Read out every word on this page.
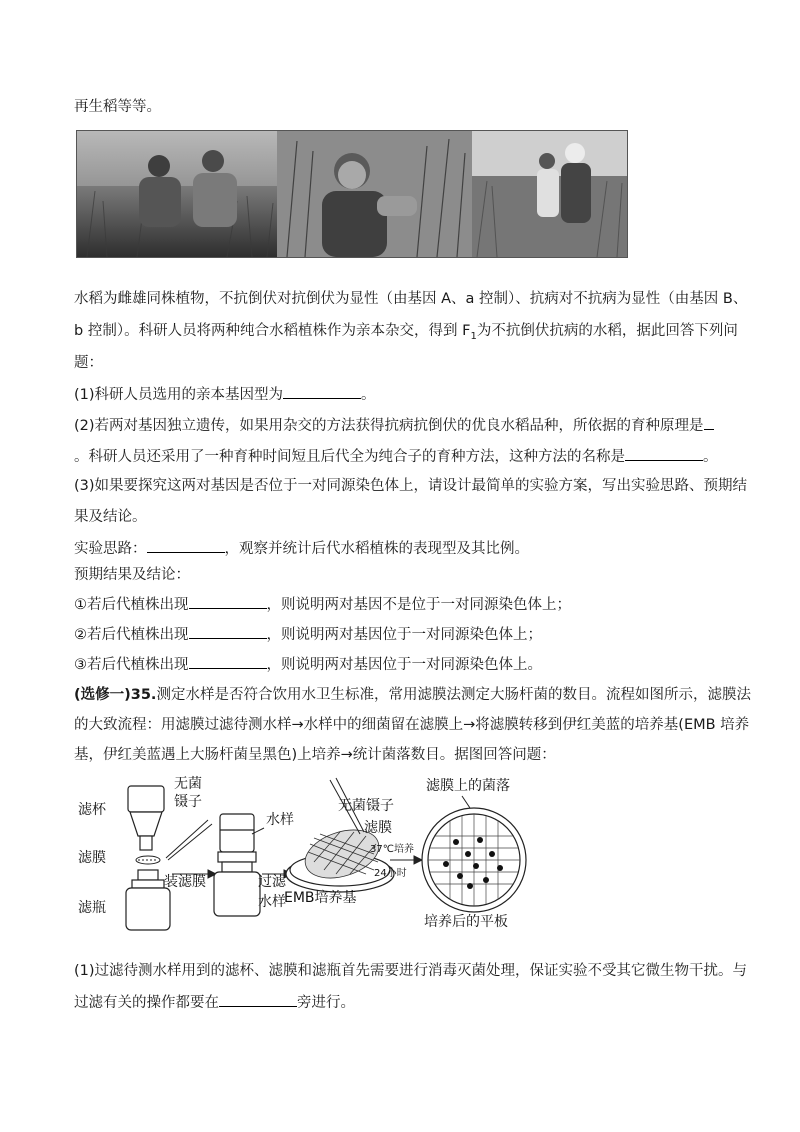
再生稻等等。
水稻为雌雄同株植物，不抗倒伏对抗倒伏为显性（由基因 A、a 控制）、抗病对不抗病为显性（由基因 B、
b 控制）。科研人员将两种纯合水稻植株作为亲本杂交，得到 $F_1$为不抗倒伏抗病的水稻，据此回答下列问
题：
(1)科研人员选用的亲本基因型为	。
(2)若两对基因独立遗传，如果用杂交的方法获得抗病抗倒伏的优良水稻品种，所依据的育种原理是
。科研人员还采用了一种育种时间短且后代全为纯合子的育种方法，这种方法的名称是	。
(3)如果要探究这两对基因是否位于一对同源染色体上，请设计最简单的实验方案，写出实验思路、预期结
果及结论。
实验思路：	，观察并统计后代水稻植株的表现型及其比例。
预期结果及结论：
①若后代植株出现	，则说明两对基因不是位于一对同源染色体上；
②若后代植株出现	，则说明两对基因位于一对同源染色体上；
③若后代植株出现	，则说明两对基因位于一对同源染色体上。
(选修一)35.测定水样是否符合饮用水卫生标准，常用滤膜法测定大肠杆菌的数目。流程如图所示，滤膜法
的大致流程：用滤膜过滤待测水样→水样中的细菌留在滤膜上→将滤膜转移到伊红美蓝的培养基(EMB 培养
基，伊红美蓝遇上大肠杆菌呈黑色)上培养→统计菌落数目。据图回答问题：
滤杯
滤膜
滤瓶
无菌
镊子
装滤膜
水样
过滤
水样
无菌镊子
滤膜
EMB培养基
37℃培养
24小时
滤膜上的菌落
培养后的平板
(1)过滤待测水样用到的滤杯、滤膜和滤瓶首先需要进行消毒灭菌处理，保证实验不受其它微生物干扰。与
过滤有关的操作都要在	旁进行。
